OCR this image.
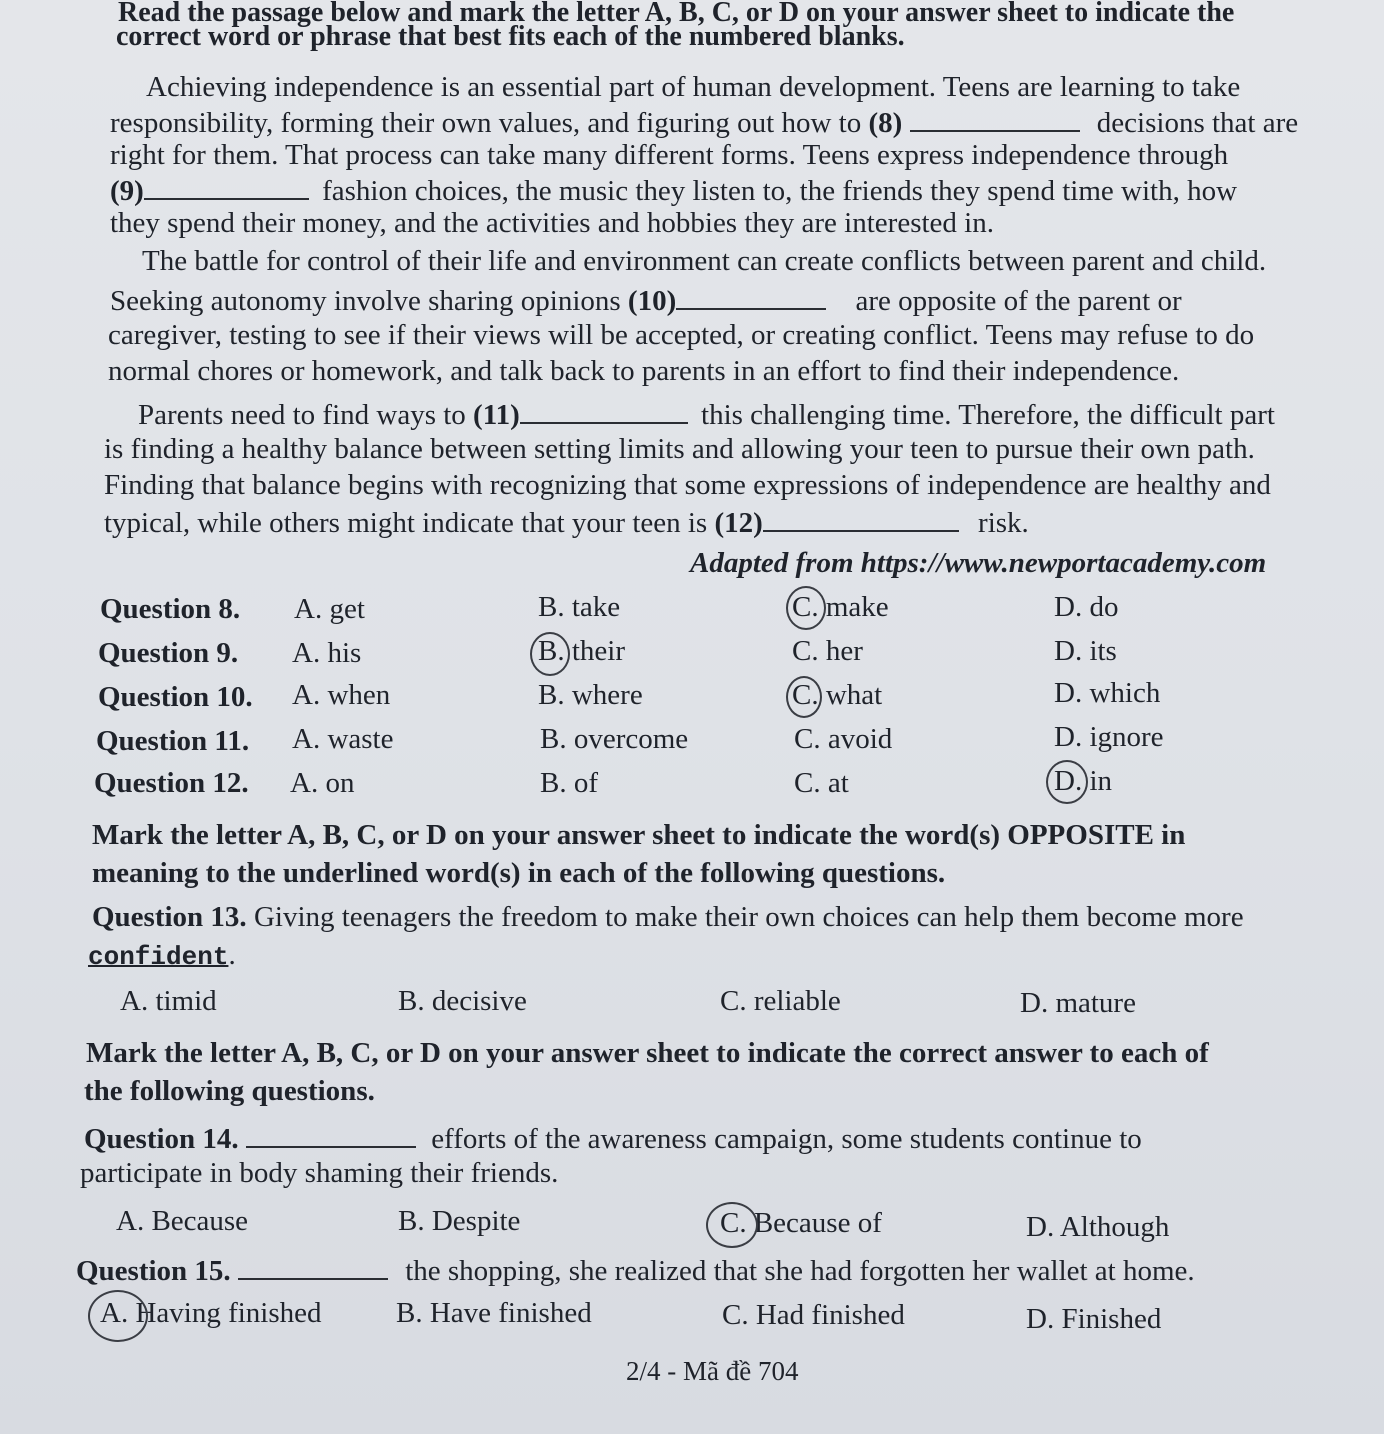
Read the passage below and mark the letter A, B, C, or D on your answer sheet to indicate the
correct word or phrase that best fits each of the numbered blanks.
Achieving independence is an essential part of human development. Teens are learning to take
responsibility, forming their own values, and figuring out how to (8)	decisions that are
right for them. That process can take many different forms. Teens express independence through
(9)	fashion choices, the music they listen to, the friends they spend time with, how
they spend their money, and the activities and hobbies they are interested in.
The battle for control of their life and environment can create conflicts between parent and child.
Seeking autonomy involve sharing opinions (10)	are opposite of the parent or
caregiver, testing to see if their views will be accepted, or creating conflict. Teens may refuse to do
normal chores or homework, and talk back to parents in an effort to find their independence.
Parents need to find ways to (11)	this challenging time. Therefore, the difficult part
is finding a healthy balance between setting limits and allowing your teen to pursue their own path.
Finding that balance begins with recognizing that some expressions of independence are healthy and
typical, while others might indicate that your teen is (12)	risk.
Adapted from https://www.newportacademy.com
Question 8. A. get	B. take	C. make	D. do
Question 9. A. his	B. their	C. her	D. its
Question 10. A. when	B. where	C. what	D. which
Question 11. A. waste	B. overcome	C. avoid	D. ignore
Question 12. A. on	B. of	C. at	D. in
Mark the letter A, B, C, or D on your answer sheet to indicate the word(s) OPPOSITE in
meaning to the underlined word(s) in each of the following questions.
Question 13. Giving teenagers the freedom to make their own choices can help them become more
confident.
A. timid	B. decisive	C. reliable	D. mature
Mark the letter A, B, C, or D on your answer sheet to indicate the correct answer to each of
the following questions.
Question 14.	efforts of the awareness campaign, some students continue to
participate in body shaming their friends.
A. Because	B. Despite	C. Because of	D. Although
Question 15.	the shopping, she realized that she had forgotten her wallet at home.
A. Having finished	B. Have finished	C. Had finished	D. Finished
2/4 - Mã đề 704
